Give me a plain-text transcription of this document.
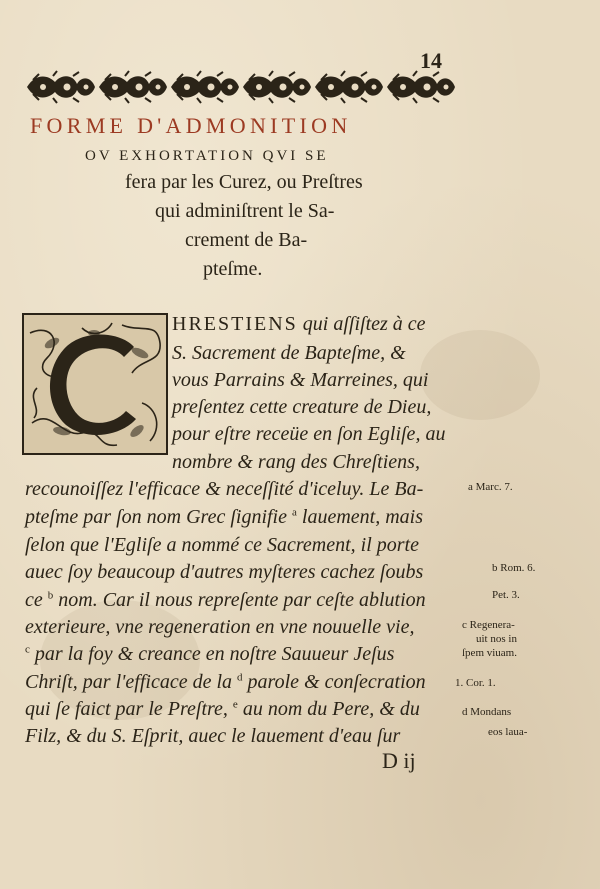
14
FORME D'ADMONITION
OV EXHORTATION QVI SE
fera par les Curez, ou Preſtres
qui adminiſtrent le Sa-
crement de Ba-
pteſme.
HRESTIENS qui aſſiſtez à ce
S. Sacrement de Bapteſme, &
vous Parrains & Marreines, qui
preſentez cette creature de Dieu,
pour eſtre receüe en ſon Egliſe, au
nombre & rang des Chreſtiens,
recounoiſſez l'efficace & neceſſité d'iceluy. Le Ba-
pteſme par ſon nom Grec ſignifie $^a$ lauement, mais
ſelon que l'Egliſe a nommé ce Sacrement, il porte
auec ſoy beaucoup d'autres myſteres cachez ſoubs
ce $^b$ nom. Car il nous repreſente par ceſte ablution
exterieure, vne regeneration en vne nouuelle vie,
$^c$ par la foy & creance en noſtre Sauueur Jeſus
Chriſt, par l'efficace de la $^d$ parole & conſecration
qui ſe faict par le Preſtre, $^e$ au nom du Pere, & du
Filz, & du S. Eſprit, auec le lauement d'eau ſur
a Marc. 7.
b Rom. 6.
Pet. 3.
c Regenera-
uit nos in
ſpem viuam.
1. Cor. 1.
d Mondans
eos laua-
D ij
